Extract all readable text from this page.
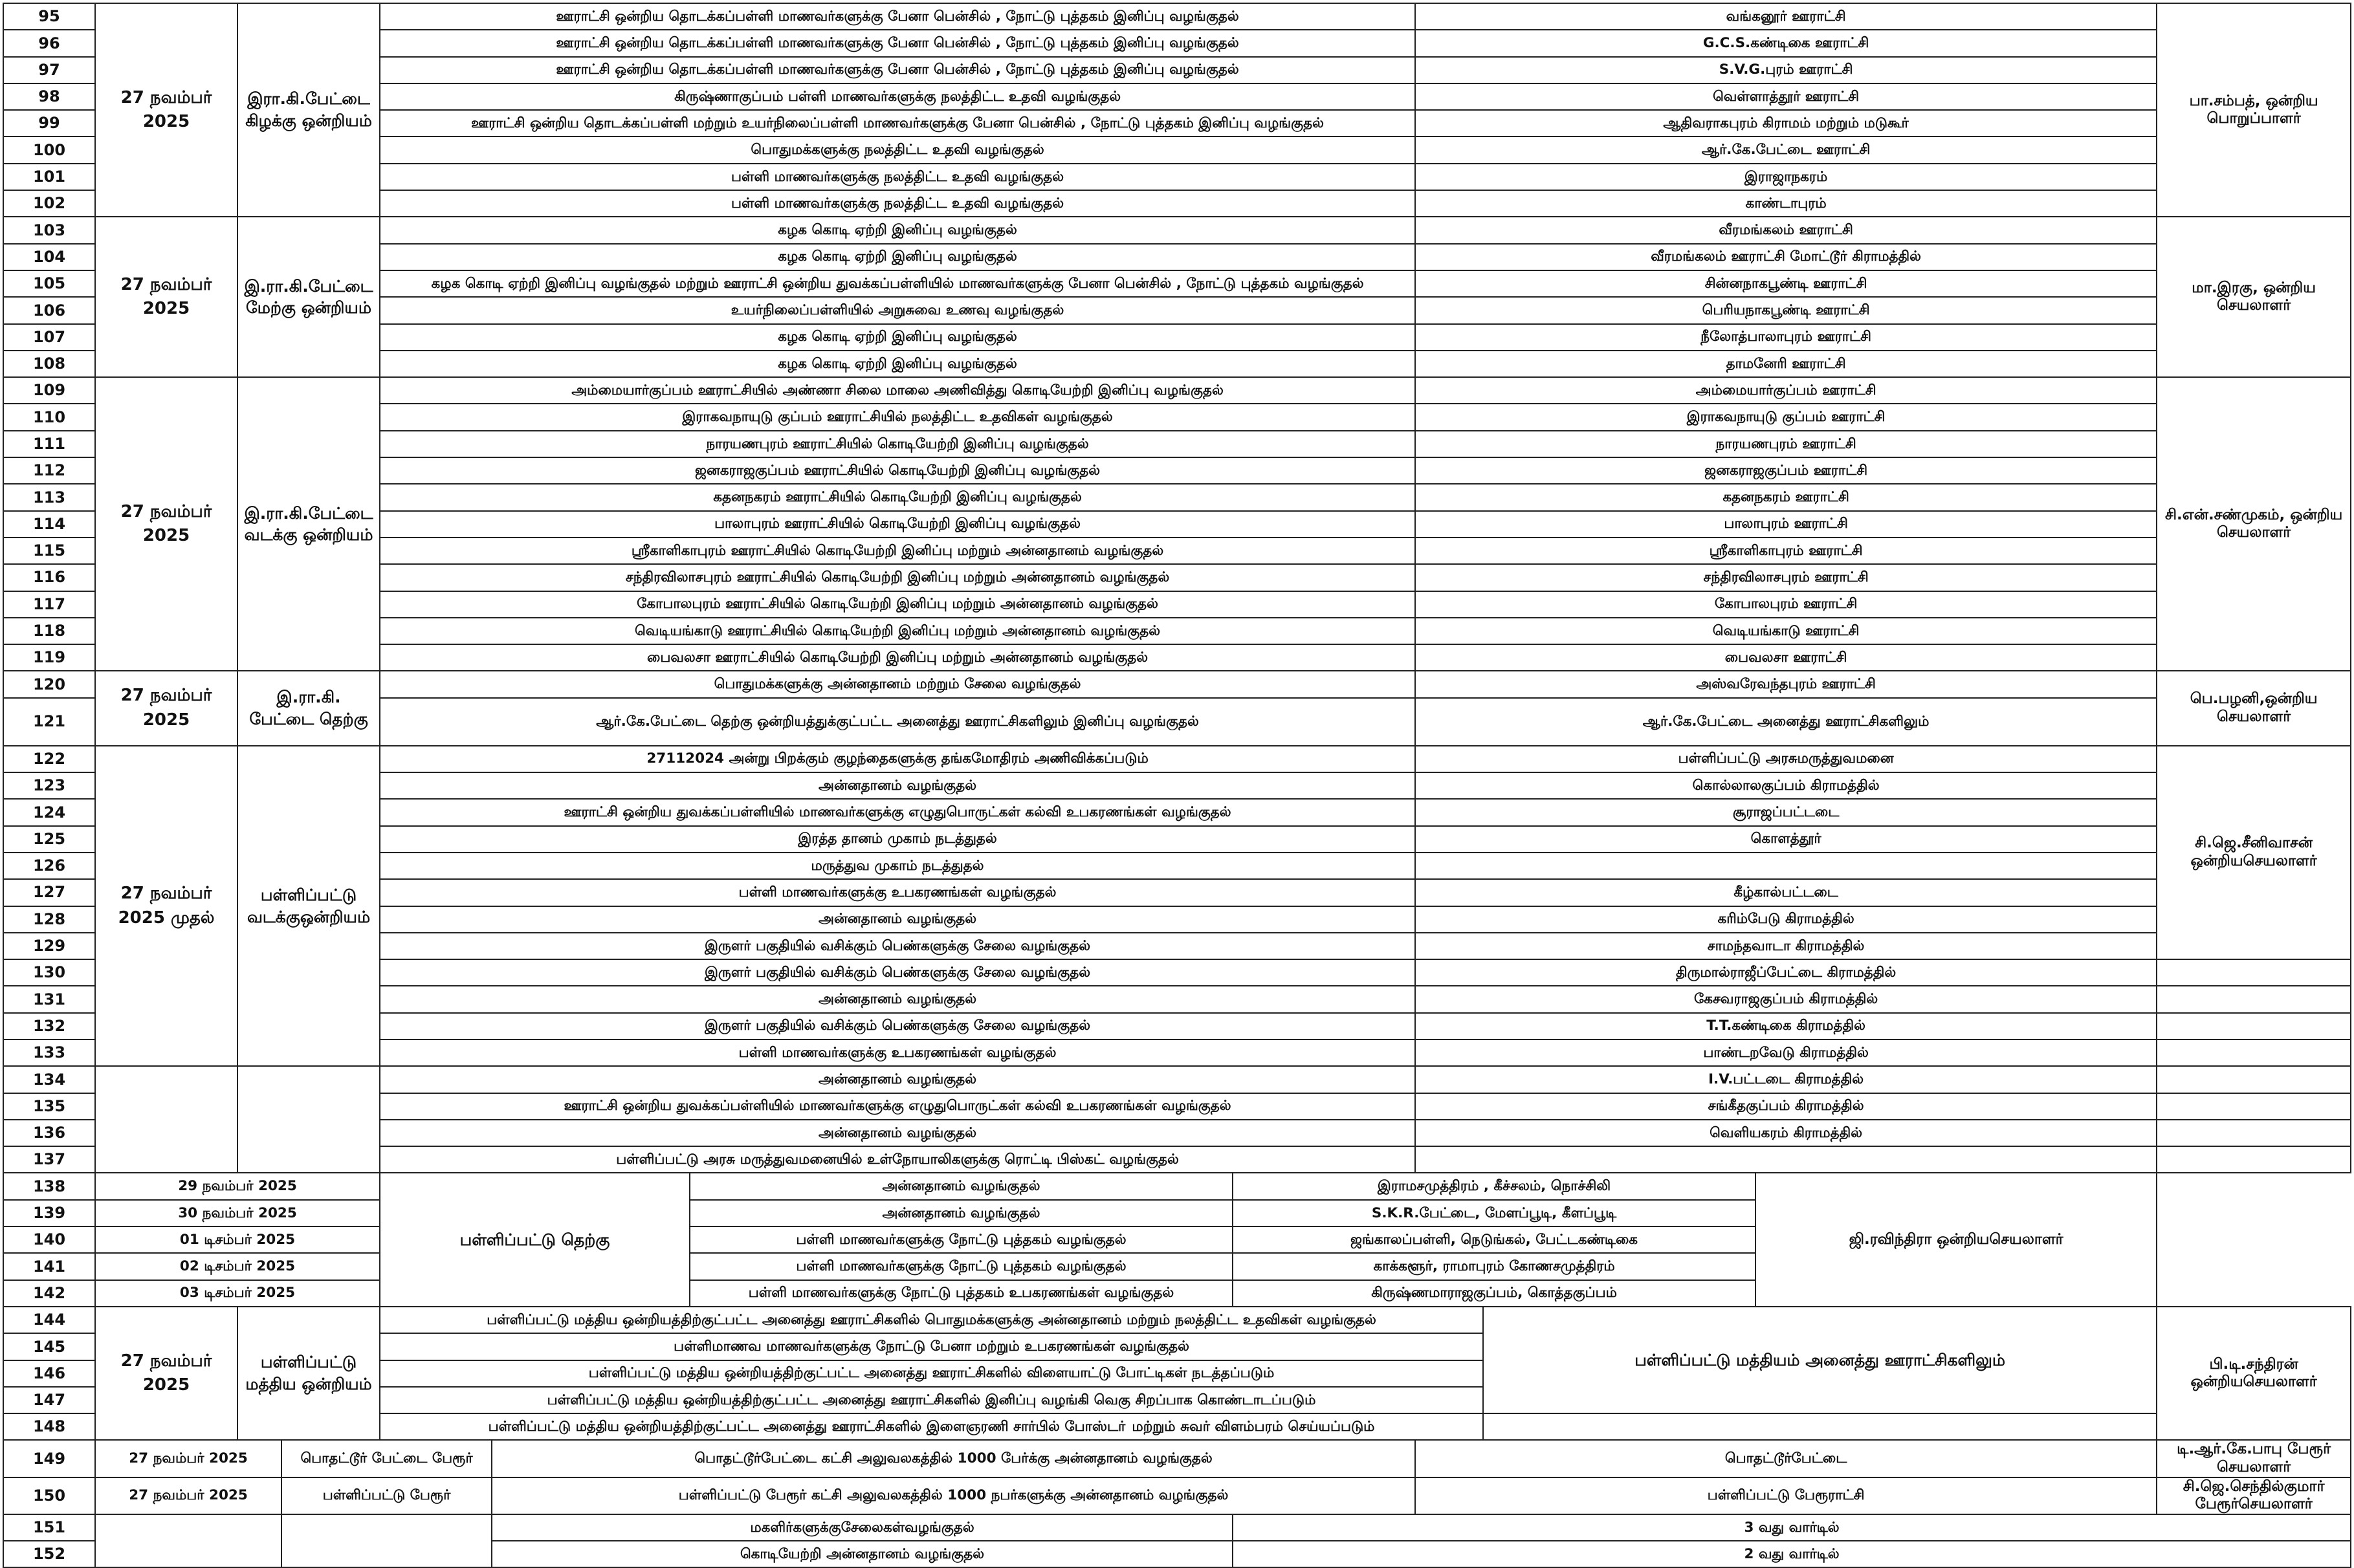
95	27 நவம்பர் 2025	இரா.கி.பேட்டை கிழக்கு ஒன்றியம்		ஊராட்சி ஒன்றிய தொடக்கப்பள்ளி மாணவர்களுக்கு பேனா பென்சில் , நோட்டு புத்தகம் இனிப்பு வழங்குதல்				வங்கனூர் ஊராட்சி			பா.சம்பத், ஒன்றிய பொறுப்பாளர்
96				ஊராட்சி ஒன்றிய தொடக்கப்பள்ளி மாணவர்களுக்கு பேனா பென்சில் , நோட்டு புத்தகம் இனிப்பு வழங்குதல்				G.C.S.கண்டிகை ஊராட்சி			
97				ஊராட்சி ஒன்றிய தொடக்கப்பள்ளி மாணவர்களுக்கு பேனா பென்சில் , நோட்டு புத்தகம் இனிப்பு வழங்குதல்				S.V.G.புரம் ஊராட்சி			
98				கிருஷ்ணாகுப்பம் பள்ளி மாணவர்களுக்கு நலத்திட்ட உதவி வழங்குதல்				வெள்ளாத்தூர் ஊராட்சி			
99				ஊராட்சி ஒன்றிய தொடக்கப்பள்ளி மற்றும் உயர்நிலைப்பள்ளி மாணவர்களுக்கு பேனா பென்சில் , நோட்டு புத்தகம் இனிப்பு வழங்குதல்				ஆதிவராகபுரம் கிராமம் மற்றும் மடுகூர்			
100				பொதுமக்களுக்கு நலத்திட்ட உதவி வழங்குதல்				ஆர்.கே.பேட்டை ஊராட்சி			
101				பள்ளி மாணவர்களுக்கு நலத்திட்ட உதவி வழங்குதல்				இராஜாநகரம்			
102				பள்ளி மாணவர்களுக்கு நலத்திட்ட உதவி வழங்குதல்				காண்டாபுரம்			
103	27 நவம்பர் 2025	இ.ரா.கி.பேட்டை மேற்கு ஒன்றியம்		கழக கொடி ஏற்றி இனிப்பு வழங்குதல்				வீரமங்கலம் ஊராட்சி			மா.இரகு, ஒன்றிய செயலாளர்
104				கழக கொடி ஏற்றி இனிப்பு வழங்குதல்				வீரமங்கலம் ஊராட்சி மோட்டூர் கிராமத்தில்			
105				கழக கொடி ஏற்றி இனிப்பு வழங்குதல் மற்றும் ஊராட்சி ஒன்றிய துவக்கப்பள்ளியில் மாணவர்களுக்கு பேனா பென்சில் , நோட்டு புத்தகம் வழங்குதல்				சின்னநாகபூண்டி ஊராட்சி			
106				உயர்நிலைப்பள்ளியில் அறுசுவை உணவு வழங்குதல்				பெரியநாகபூண்டி ஊராட்சி			
107				கழக கொடி ஏற்றி இனிப்பு வழங்குதல்				நீலோத்பாலாபுரம் ஊராட்சி			
108				கழக கொடி ஏற்றி இனிப்பு வழங்குதல்				தாமனேரி ஊராட்சி			
109	27 நவம்பர் 2025	இ.ரா.கி.பேட்டை வடக்கு ஒன்றியம்		அம்மையார்குப்பம் ஊராட்சியில் அண்ணா சிலை மாலை அணிவித்து கொடியேற்றி இனிப்பு வழங்குதல்				அம்மையார்குப்பம் ஊராட்சி			சி.என்.சண்முகம், ஒன்றிய செயலாளர்
110				இராகவநாயுடு குப்பம் ஊராட்சியில் நலத்திட்ட உதவிகள் வழங்குதல்				இராகவநாயுடு குப்பம் ஊராட்சி			
111				நாரயணபுரம் ஊராட்சியில் கொடியேற்றி இனிப்பு வழங்குதல்				நாரயணபுரம் ஊராட்சி			
112				ஜனகராஜகுப்பம் ஊராட்சியில் கொடியேற்றி இனிப்பு வழங்குதல்				ஜனகராஜகுப்பம் ஊராட்சி			
113				கதனநகரம் ஊராட்சியில் கொடியேற்றி இனிப்பு வழங்குதல்				கதனநகரம் ஊராட்சி			
114				பாலாபுரம் ஊராட்சியில் கொடியேற்றி இனிப்பு வழங்குதல்				பாலாபுரம் ஊராட்சி			
115				ஸ்ரீகாளிகாபுரம் ஊராட்சியில் கொடியேற்றி இனிப்பு மற்றும் அன்னதானம் வழங்குதல்				ஸ்ரீகாளிகாபுரம் ஊராட்சி			
116				சந்திரவிலாசபுரம் ஊராட்சியில் கொடியேற்றி இனிப்பு மற்றும் அன்னதானம் வழங்குதல்				சந்திரவிலாசபுரம் ஊராட்சி			
117				கோபாலபுரம் ஊராட்சியில் கொடியேற்றி இனிப்பு மற்றும் அன்னதானம் வழங்குதல்				கோபாலபுரம் ஊராட்சி			
118				வெடியங்காடு ஊராட்சியில் கொடியேற்றி இனிப்பு மற்றும் அன்னதானம் வழங்குதல்				வெடியங்காடு ஊராட்சி			
119				பைவலசா ஊராட்சியில் கொடியேற்றி இனிப்பு மற்றும் அன்னதானம் வழங்குதல்				பைவலசா ஊராட்சி			
120	27 நவம்பர் 2025	இ.ரா.கி. பேட்டை தெற்கு		பொதுமக்களுக்கு அன்னதானம் மற்றும் சேலை வழங்குதல்				அஸ்வரேவந்தபுரம் ஊராட்சி			பெ.பழனி,ஒன்றிய செயலாளர்
121				ஆர்.கே.பேட்டை தெற்கு ஒன்றியத்துக்குட்பட்ட அனைத்து ஊராட்சிகளிலும் இனிப்பு வழங்குதல்				ஆர்.கே.பேட்டை அனைத்து ஊராட்சிகளிலும்			
122	27 நவம்பர் 2025 முதல்	பள்ளிப்பட்டு வடக்குஒன்றியம்		27112024 அன்று பிறக்கும் குழந்தைகளுக்கு தங்கமோதிரம் அணிவிக்கப்படும்				பள்ளிப்பட்டு அரசுமருத்துவமனை			சி.ஜெ.சீனிவாசன் ஒன்றியசெயலாளர்
123				அன்னதானம் வழங்குதல்				கொல்லாலகுப்பம் கிராமத்தில்			
124				ஊராட்சி ஒன்றிய துவக்கப்பள்ளியில் மாணவர்களுக்கு எழுதுபொருட்கள் கல்வி உபகரணங்கள் வழங்குதல்				சூராஜப்பட்டடை			
125				இரத்த தானம் முகாம் நடத்துதல்				கொளத்தூர்			
126				மருத்துவ முகாம் நடத்துதல்							
127				பள்ளி மாணவர்களுக்கு உபகரணங்கள் வழங்குதல்				கீழ்கால்பட்டடை			
128				அன்னதானம் வழங்குதல்				கரிம்பேடு கிராமத்தில்			
129				இருளர் பகுதியில் வசிக்கும் பெண்களுக்கு சேலை வழங்குதல்				சாமந்தவாடா கிராமத்தில்			
130				இருளர் பகுதியில் வசிக்கும் பெண்களுக்கு சேலை வழங்குதல்				திருமால்ராஜீப்பேட்டை கிராமத்தில்			
131				அன்னதானம் வழங்குதல்				கேசவராஜகுப்பம் கிராமத்தில்			
132				இருளர் பகுதியில் வசிக்கும் பெண்களுக்கு சேலை வழங்குதல்				T.T.கண்டிகை கிராமத்தில்			
133				பள்ளி மாணவர்களுக்கு உபகரணங்கள் வழங்குதல்				பாண்டறவேடு கிராமத்தில்			
134				அன்னதானம் வழங்குதல்				I.V.பட்டடை கிராமத்தில்			
135				ஊராட்சி ஒன்றிய துவக்கப்பள்ளியில் மாணவர்களுக்கு எழுதுபொருட்கள் கல்வி உபகரணங்கள் வழங்குதல்				சங்கீதகுப்பம் கிராமத்தில்			
136				அன்னதானம் வழங்குதல்				வெளியகரம் கிராமத்தில்			
137				பள்ளிப்பட்டு அரசு மருத்துவமனையில் உள்நோயாலிகளுக்கு ரொட்டி பிஸ்கட் வழங்குதல்							
138	29 நவம்பர் 2025			பள்ளிப்பட்டு தெற்கு		அன்னதானம் வழங்குதல்	இராமசமுத்திரம் , கீச்சலம், நொச்சிலி			ஜி.ரவிந்திரா ஒன்றியசெயலாளர்	
139	30 நவம்பர் 2025					அன்னதானம் வழங்குதல்	S.K.R.பேட்டை, மேளப்பூடி, கீளப்பூடி				
140	01 டிசம்பர் 2025					பள்ளி மாணவர்களுக்கு நோட்டு புத்தகம் வழங்குதல்	ஜங்காலப்பள்ளி, நெடுங்கல், பேட்டகண்டிகை				
141	02 டிசம்பர் 2025					பள்ளி மாணவர்களுக்கு நோட்டு புத்தகம் வழங்குதல்	காக்களூர், ராமாபுரம் கோணசமுத்திரம்				
142	03 டிசம்பர் 2025					பள்ளி மாணவர்களுக்கு நோட்டு புத்தகம் உபகரணங்கள் வழங்குதல்	கிருஷ்ணமாராஜகுப்பம், கொத்தகுப்பம்				
144	27 நவம்பர் 2025	பள்ளிப்பட்டு மத்திய ஒன்றியம்		பள்ளிப்பட்டு மத்திய ஒன்றியத்திற்குட்பட்ட அனைத்து ஊராட்சிகளில் பொதுமக்களுக்கு அன்னதானம் மற்றும் நலத்திட்ட உதவிகள் வழங்குதல்					பள்ளிப்பட்டு மத்தியம் அனைத்து ஊராட்சிகளிலும்		பி.டி.சந்திரன் ஒன்றியசெயலாளர்
145				பள்ளிமாணவ மாணவர்களுக்கு நோட்டு பேனா மற்றும் உபகரணங்கள் வழங்குதல்							
146				பள்ளிப்பட்டு மத்திய ஒன்றியத்திற்குட்பட்ட அனைத்து ஊராட்சிகளில் விளையாட்டு போட்டிகள் நடத்தப்படும்							
147				பள்ளிப்பட்டு மத்திய ஒன்றியத்திற்குட்பட்ட அனைத்து ஊராட்சிகளில் இனிப்பு வழங்கி வெகு சிறப்பாக கொண்டாடப்படும்							
148				பள்ளிப்பட்டு மத்திய ஒன்றியத்திற்குட்பட்ட அனைத்து ஊராட்சிகளில் இளைஞரணி சார்பில் போஸ்டா் மற்றும் சுவர் விளம்பரம் செய்யப்படும்							
149	27 நவம்பர் 2025		பொதட்டூர் பேட்டை பேரூர்		பொதட்டூர்பேட்டை கட்சி அலுவலகத்தில் 1000 பேர்க்கு அன்னதானம் வழங்குதல்			பொதட்டூர்பேட்டை			டி.ஆர்.கே.பாபு பேரூர் செயலாளர்
150	27 நவம்பர் 2025		பள்ளிப்பட்டு பேரூர்		பள்ளிப்பட்டு பேரூர் கட்சி அலுவலகத்தில் 1000 நபர்களுக்கு அன்னதானம் வழங்குதல்			பள்ளிப்பட்டு பேரூராட்சி			சி.ஜெ.செந்தில்குமார் பேரூர்செயலாளர்
151					மகளிர்களுக்குசேலைகள்வழங்குதல்		3 வது வார்டில்				
152					கொடியேற்றி அன்னதானம் வழங்குதல்		2 வது வார்டில்				
